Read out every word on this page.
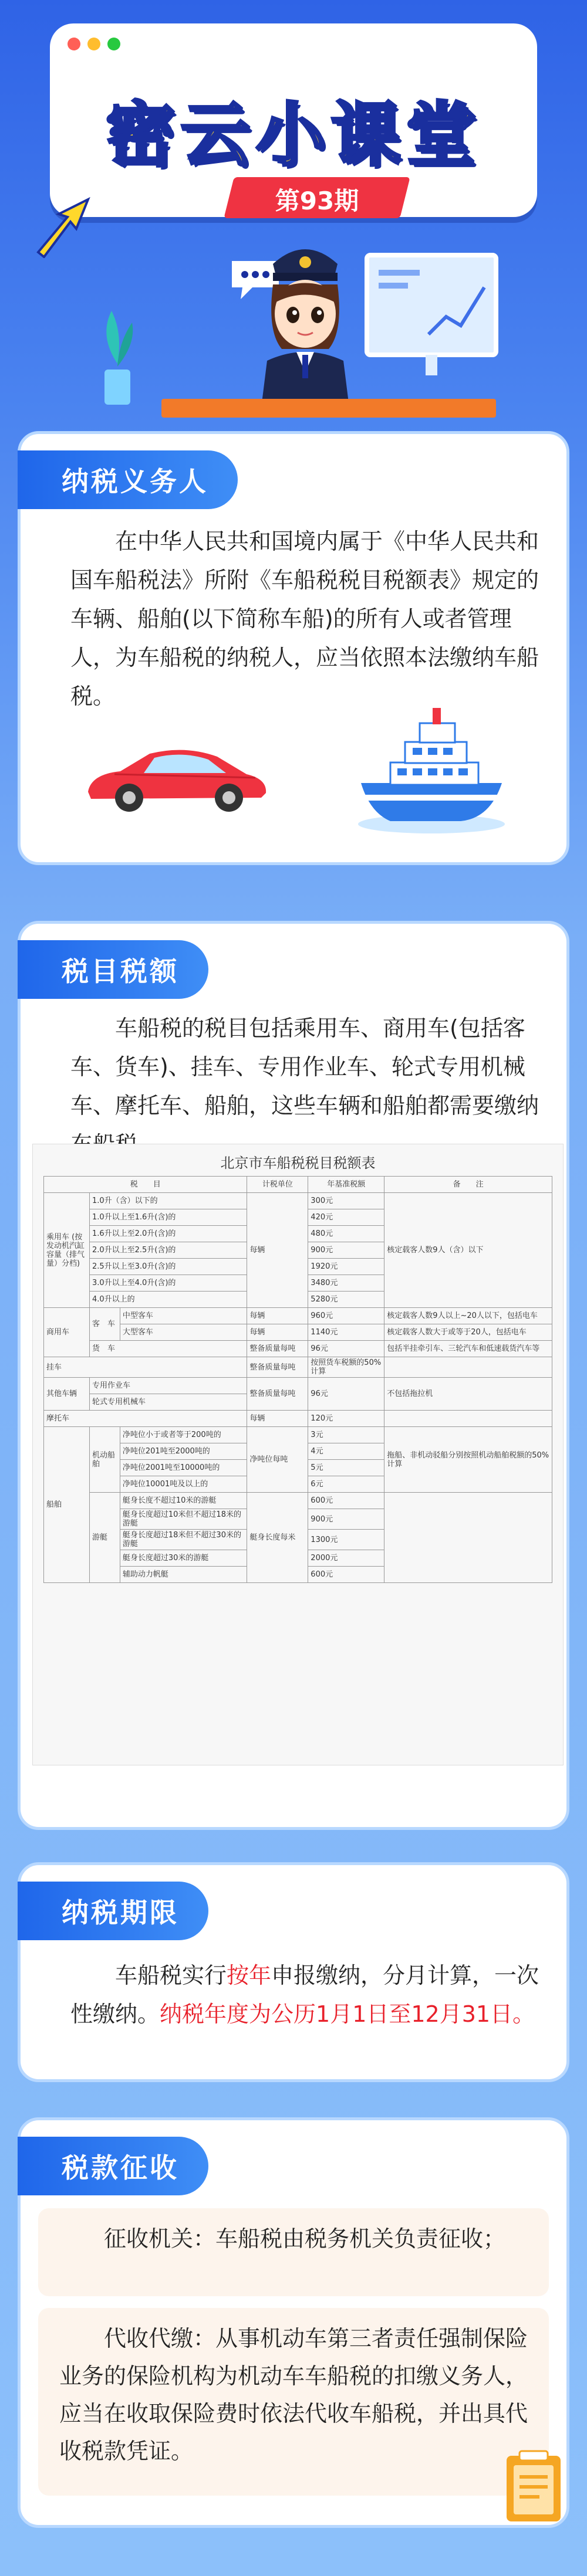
密云小课堂
第93期
纳税义务人
在中华人民共和国境内属于《中华人民共和国车船税法》所附《车船税税目税额表》规定的车辆、船舶(以下简称车船)的所有人或者管理人，为车船税的纳税人，应当依照本法缴纳车船税。
税目税额
车船税的税目包括乘用车、商用车(包括客车、货车)、挂车、专用作业车、轮式专用机械车、摩托车、船舶，这些车辆和船舶都需要缴纳
北京市车船税税目税额表
税　　目			计税单位	年基准税额	备　　注
乘用车 (按发动机汽缸容量（排气量）分档)	1.0升（含）以下的		每辆	300元	核定载客人数9人（含）以下
	1.0升以上至1.6升(含)的			420元	
	1.6升以上至2.0升(含)的			480元	
	2.0升以上至2.5升(含)的			900元	
	2.5升以上至3.0升(含)的			1920元	
	3.0升以上至4.0升(含)的			3480元	
	4.0升以上的			5280元	
商用车	客　车	中型客车	每辆	960元	核定载客人数9人以上~20人以下，包括电车
		大型客车	每辆	1140元	核定载客人数大于或等于20人，包括电车
	货　车		整备质量每吨	96元	包括半挂牵引车、三轮汽车和低速载货汽车等
挂车			整备质量每吨	按照货车税额的50%计算	
其他车辆	专用作业车		整备质量每吨	96元	不包括拖拉机
	轮式专用机械车				
摩托车			每辆	120元	
船舶	机动船舶	净吨位小于或者等于200吨的	净吨位每吨	3元	拖船、非机动驳船分别按照机动船舶税额的50%计算
		净吨位201吨至2000吨的		4元	
		净吨位2001吨至10000吨的		5元	
		净吨位10001吨及以上的		6元	
	游艇	艇身长度不超过10米的游艇	艇身长度每米	600元	
		艇身长度超过10米但不超过18米的游艇		900元	
		艇身长度超过18米但不超过30米的游艇		1300元	
		艇身长度超过30米的游艇		2000元	
		辅助动力帆艇		600元	
纳税期限
车船税实行按年申报缴纳，分月计算，一次性缴纳。纳税年度为公历1月1日至12月31日。
税款征收
征收机关：车船税由税务机关负责征收；
代收代缴：从事机动车第三者责任强制保险业务的保险机构为机动车车船税的扣缴义务人，应当在收取保险费时依法代收车船税，并出具代收税款凭证。
